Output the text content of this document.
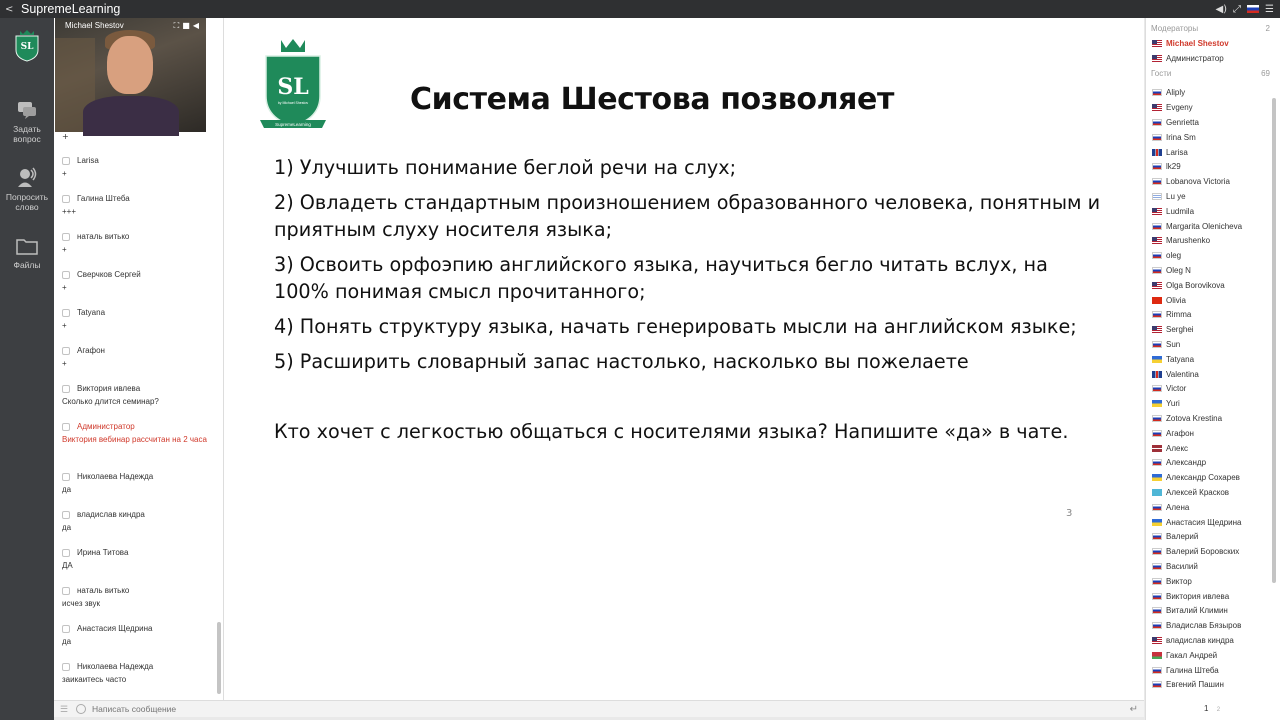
< SupremeLearning	◀) ⤢ ☰
SL
Задать вопрос
Попросить слово
Файлы
Michael Shestov	⛶■◀
+
Larisa
+
Галина Штеба
+++
наталь витько
+
Сверчков Сергей
+
Tatyana
+
Агафон
+
Виктория ивлева
Сколько длится семинар?
Администратор
Виктория вебинар рассчитан на 2 часа
Николаева Надежда
да
владислав киндра
да
Ирина Титова
ДА
наталь витько
исчез звук
Анастасия Щедрина
да
Николаева Надежда
заикаитесь часто
SL
by Michael Shestov
SupremeLearning
Система Шестова позволяет

1) Улучшить понимание беглой речи на слух;

2) Овладеть стандартным произношением образованного человека, понятным и приятным слуху носителя языка;

3) Освоить орфоэпию английского языка, научиться бегло читать вслух, на 100% понимая смысл прочитанного;

4) Понять структуру языка, начать генерировать мысли на английском языке;

5) Расширить словарный запас настолько, насколько вы пожелаете

Кто хочет с легкостью общаться с носителями языка? Напишите «да» в чате.

3
☰
Написать сообщение	↵
Модераторы	2
Michael Shestov
Администратор
Гости	69
Aliply
Evgeny
Genrietta
Irina Sm
Larisa
lk29
Lobanova Victoria
Lu ye
Ludmila
Margarita Olenicheva
Marushenko
oleg
Oleg N
Olga Borovikova
Olivia
Rimma
Serghei
Sun
Tatyana
Valentina
Victor
Yuri
Zotova Krestina
Агафон
Алекс
Александр
Александр Сохарев
Алексей Красков
Алена
Анастасия Щедрина
Валерий
Валерий Боровских
Василий
Виктор
Виктория ивлева
Виталий Климин
Владислав Бязыров
владислав киндра
Гакал Андрей
Галина Штеба
Евгений Пашин
1 2
